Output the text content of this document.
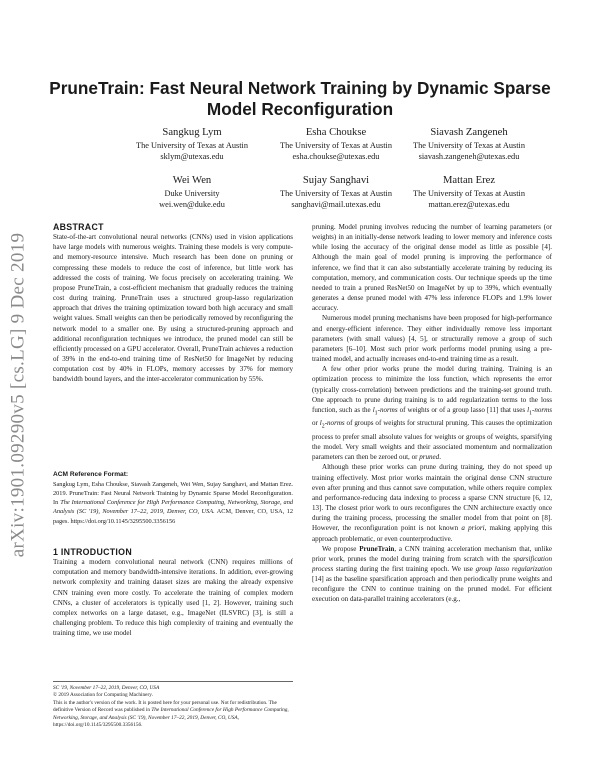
arXiv:1901.09290v5 [cs.LG] 9 Dec 2019
PruneTrain: Fast Neural Network Training by Dynamic Sparse Model Reconfiguration
Sangkug Lym
The University of Texas at Austin
sklym@utexas.edu
Esha Choukse
The University of Texas at Austin
esha.choukse@utexas.edu
Siavash Zangeneh
The University of Texas at Austin
siavash.zangeneh@utexas.edu
Wei Wen
Duke University
wei.wen@duke.edu
Sujay Sanghavi
The University of Texas at Austin
sanghavi@mail.utexas.edu
Mattan Erez
The University of Texas at Austin
mattan.erez@utexas.edu
ABSTRACT

State-of-the-art convolutional neural networks (CNNs) used in vision applications have large models with numerous weights. Training these models is very compute- and memory-resource intensive. Much research has been done on pruning or compressing these models to reduce the cost of inference, but little work has addressed the costs of training. We focus precisely on accelerating training. We propose PruneTrain, a cost-efficient mechanism that gradually reduces the training cost during training. PruneTrain uses a structured group-lasso regularization approach that drives the training optimization toward both high accuracy and small weight values. Small weights can then be periodically removed by reconfiguring the network model to a smaller one. By using a structured-pruning approach and additional reconfiguration techniques we introduce, the pruned model can still be efficiently processed on a GPU accelerator. Overall, PruneTrain achieves a reduction of 39% in the end-to-end training time of ResNet50 for ImageNet by reducing computation cost by 40% in FLOPs, memory accesses by 37% for memory bandwidth bound layers, and the inter-accelerator communication by 55%.

ACM Reference Format:

Sangkug Lym, Esha Choukse, Siavash Zangeneh, Wei Wen, Sujay Sanghavi, and Mattan Erez. 2019. PruneTrain: Fast Neural Network Training by Dynamic Sparse Model Reconfiguration. In The International Conference for High Performance Computing, Networking, Storage, and Analysis (SC '19), November 17–22, 2019, Denver, CO, USA. ACM, Denver, CO, USA, 12 pages. https://doi.org/10.1145/3295500.3356156

1 INTRODUCTION

Training a modern convolutional neural network (CNN) requires millions of computation and memory bandwidth-intensive iterations. In addition, ever-growing network complexity and training dataset sizes are making the already expensive CNN training even more costly. To accelerate the training of complex modern CNNs, a cluster of accelerators is typically used [1, 2]. However, training such complex networks on a large dataset, e.g., ImageNet (ILSVRC) [3], is still a challenging problem. To reduce this high complexity of training and eventually the training time, we use model

SC '19, November 17–22, 2019, Denver, CO, USA

© 2019 Association for Computing Machinery.

This is the author's version of the work. It is posted here for your personal use. Not for redistribution. The definitive Version of Record was published in The International Conference for High Performance Computing, Networking, Storage, and Analysis (SC '19), November 17–22, 2019, Denver, CO, USA, https://doi.org/10.1145/3295500.3356156.

pruning. Model pruning involves reducing the number of learning parameters (or weights) in an initially-dense network leading to lower memory and inference costs while losing the accuracy of the original dense model as little as possible [4]. Although the main goal of model pruning is improving the performance of inference, we find that it can also substantially accelerate training by reducing its computation, memory, and communication costs. Our technique speeds up the time needed to train a pruned ResNet50 on ImageNet by up to 39%, which eventually generates a dense pruned model with 47% less inference FLOPs and 1.9% lower accuracy.

Numerous model pruning mechanisms have been proposed for high-performance and energy-efficient inference. They either individually remove less important parameters (with small values) [4, 5], or structurally remove a group of such parameters [6–10]. Most such prior work performs model pruning using a pre-trained model, and actually increases end-to-end training time as a result.

A few other prior works prune the model during training. Training is an optimization process to minimize the loss function, which represents the error (typically cross-correlation) between predictions and the training-set ground truth. One approach to prune during training is to add regularization terms to the loss function, such as the $l_1$-norms of weights or of a group lasso [11] that uses $l_1$-norms or $l_2$-norms of groups of weights for structural pruning. This causes the optimization process to prefer small absolute values for weights or groups of weights, sparsifying the model. Very small weights and their associated momentum and normalization parameters can then be zeroed out, or pruned.

Although these prior works can prune during training, they do not speed up training effectively. Most prior works maintain the original dense CNN structure even after pruning and thus cannot save computation, while others require complex and performance-reducing data indexing to process a sparse CNN structure [6, 12, 13]. The closest prior work to ours reconfigures the CNN architecture exactly once during the training process, processing the smaller model from that point on [8]. However, the reconfiguration point is not known a priori, making applying this approach problematic, or even counterproductive.

We propose PruneTrain, a CNN training acceleration mechanism that, unlike prior work, prunes the model during training from scratch with the sparsification process starting during the first training epoch. We use group lasso regularization [14] as the baseline sparsification approach and then periodically prune weights and reconfigure the CNN to continue training on the pruned model. For efficient execution on data-parallel training accelerators (e.g.,
